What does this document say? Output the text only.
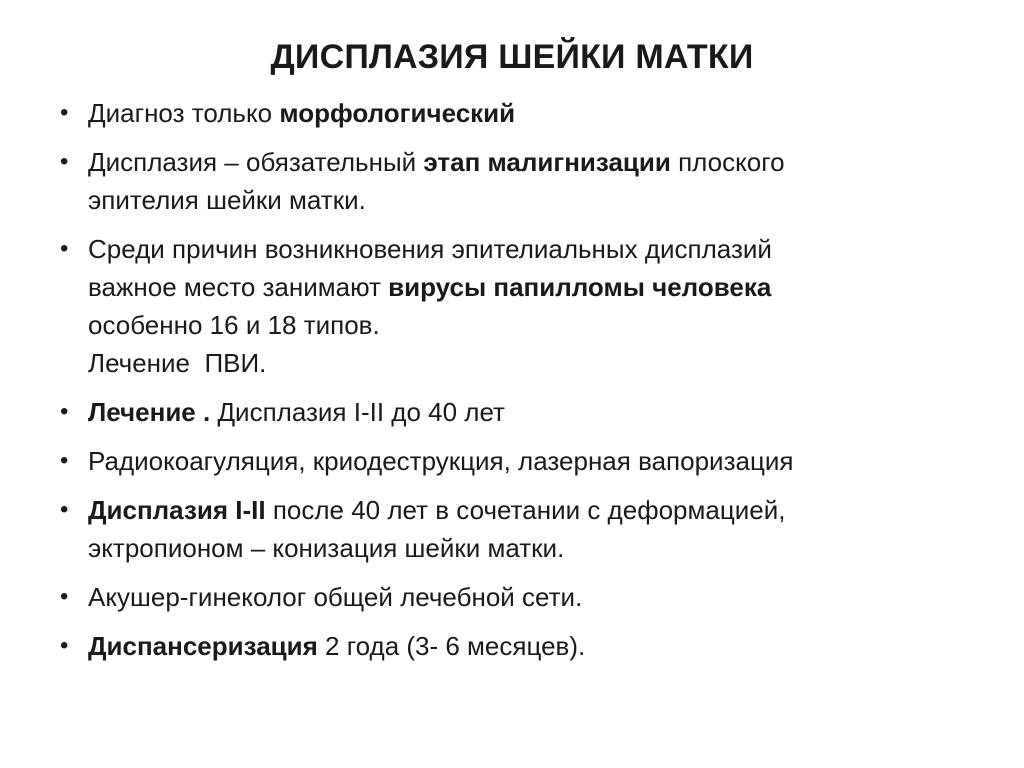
ДИСПЛАЗИЯ ШЕЙКИ МАТКИ
• Диагноз только морфологический
• Дисплазия – обязательный этап малигнизации плоского
эпителия шейки матки.
• Среди причин возникновения эпителиальных дисплазий
важное место занимают вирусы папилломы человека
особенно 16 и 18 типов.
Лечение  ПВИ.
• Лечение . Дисплазия I-II до 40 лет
• Радиокоагуляция, криодеструкция, лазерная вапоризация
• Дисплазия I-II после 40 лет в сочетании с деформацией,
эктропионом – конизация шейки матки.
• Акушер-гинеколог общей лечебной сети.
• Диспансеризация 2 года (3- 6 месяцев).
